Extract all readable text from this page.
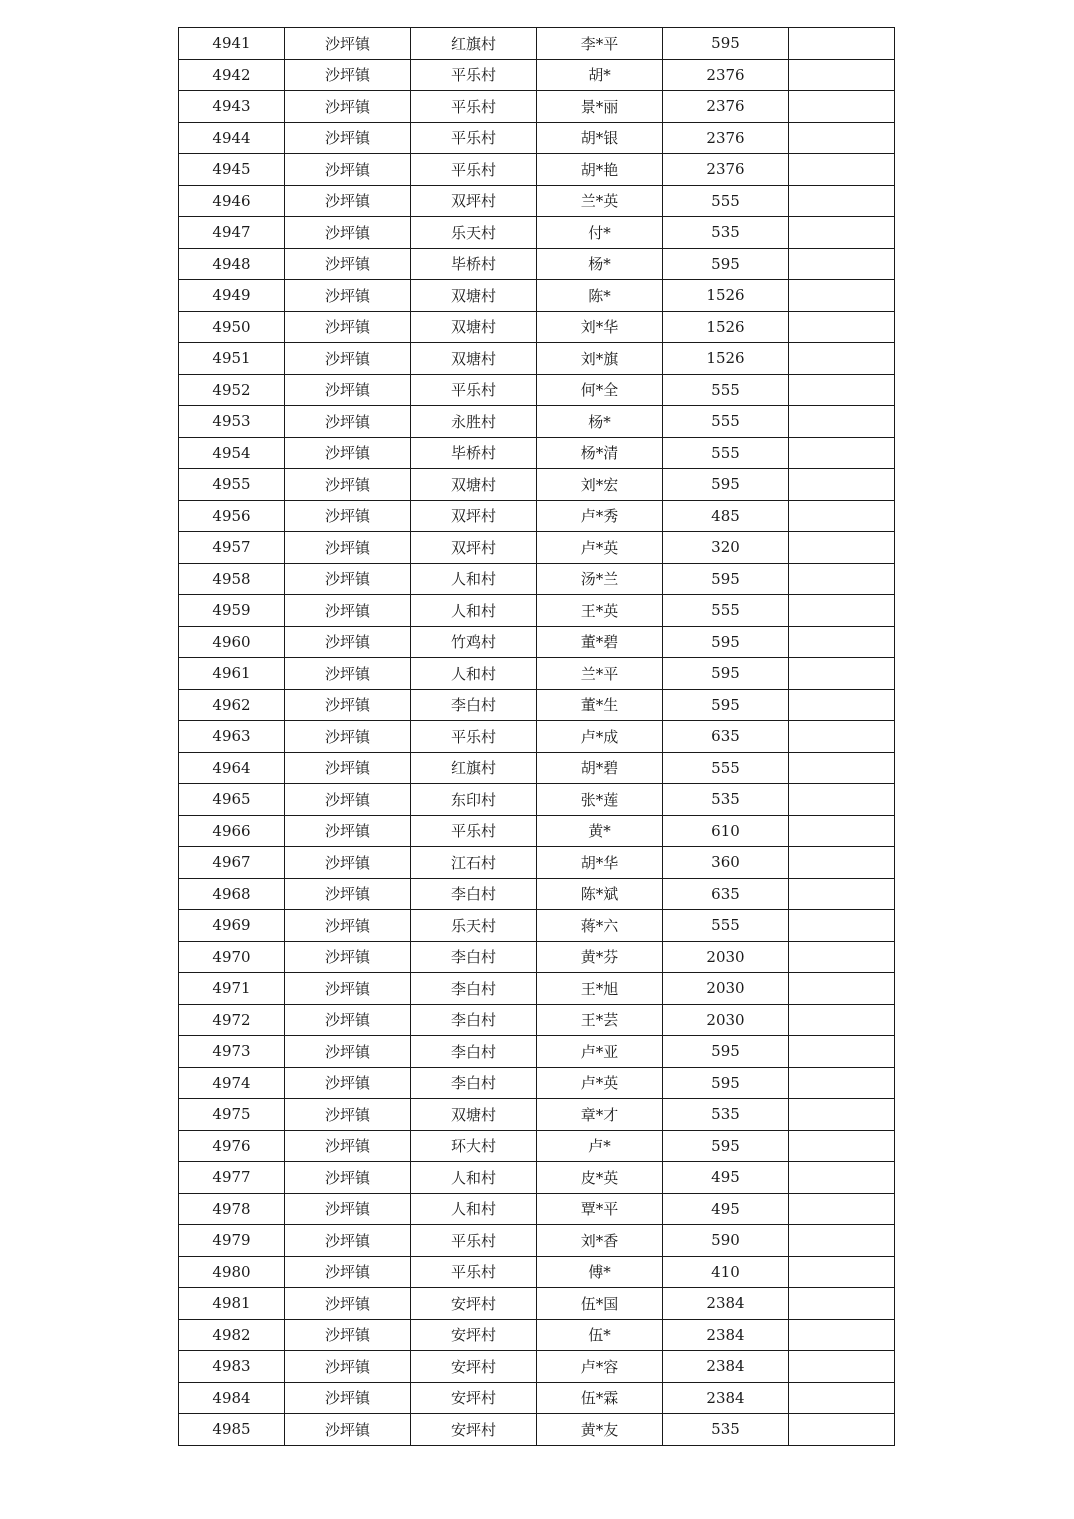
4941	沙坪镇	红旗村	李*平	595	
4942	沙坪镇	平乐村	胡*	2376	
4943	沙坪镇	平乐村	景*丽	2376	
4944	沙坪镇	平乐村	胡*银	2376	
4945	沙坪镇	平乐村	胡*艳	2376	
4946	沙坪镇	双坪村	兰*英	555	
4947	沙坪镇	乐天村	付*	535	
4948	沙坪镇	毕桥村	杨*	595	
4949	沙坪镇	双塘村	陈*	1526	
4950	沙坪镇	双塘村	刘*华	1526	
4951	沙坪镇	双塘村	刘*旗	1526	
4952	沙坪镇	平乐村	何*全	555	
4953	沙坪镇	永胜村	杨*	555	
4954	沙坪镇	毕桥村	杨*清	555	
4955	沙坪镇	双塘村	刘*宏	595	
4956	沙坪镇	双坪村	卢*秀	485	
4957	沙坪镇	双坪村	卢*英	320	
4958	沙坪镇	人和村	汤*兰	595	
4959	沙坪镇	人和村	王*英	555	
4960	沙坪镇	竹鸡村	董*碧	595	
4961	沙坪镇	人和村	兰*平	595	
4962	沙坪镇	李白村	董*生	595	
4963	沙坪镇	平乐村	卢*成	635	
4964	沙坪镇	红旗村	胡*碧	555	
4965	沙坪镇	东印村	张*莲	535	
4966	沙坪镇	平乐村	黄*	610	
4967	沙坪镇	江石村	胡*华	360	
4968	沙坪镇	李白村	陈*斌	635	
4969	沙坪镇	乐天村	蒋*六	555	
4970	沙坪镇	李白村	黄*芬	2030	
4971	沙坪镇	李白村	王*旭	2030	
4972	沙坪镇	李白村	王*芸	2030	
4973	沙坪镇	李白村	卢*亚	595	
4974	沙坪镇	李白村	卢*英	595	
4975	沙坪镇	双塘村	章*才	535	
4976	沙坪镇	环大村	卢*	595	
4977	沙坪镇	人和村	皮*英	495	
4978	沙坪镇	人和村	覃*平	495	
4979	沙坪镇	平乐村	刘*香	590	
4980	沙坪镇	平乐村	傅*	410	
4981	沙坪镇	安坪村	伍*国	2384	
4982	沙坪镇	安坪村	伍*	2384	
4983	沙坪镇	安坪村	卢*容	2384	
4984	沙坪镇	安坪村	伍*霖	2384	
4985	沙坪镇	安坪村	黄*友	535	
